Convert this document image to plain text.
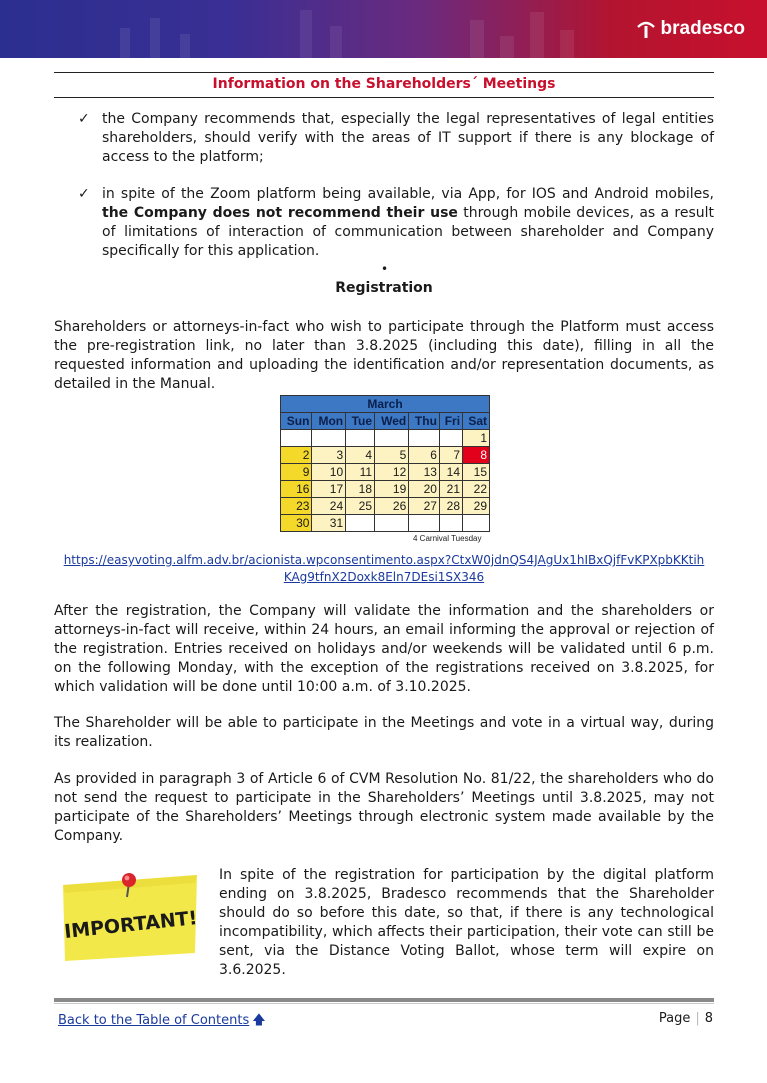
bradesco
Information on the Shareholders´ Meetings
✓ the Company recommends that, especially the legal representatives of legal entities shareholders, should verify with the areas of IT support if there is any blockage of access to the platform;
✓ in spite of the Zoom platform being available, via App, for IOS and Android mobiles, the Company does not recommend their use through mobile devices, as a result of limitations of interaction of communication between shareholder and Company specifically for this application.
•
Registration
Shareholders or attorneys-in-fact who wish to participate through the Platform must access the pre-registration link, no later than 3.8.2025 (including this date), filling in all the requested information and uploading the identification and/or representation documents, as detailed in the Manual.
March						
Sun	Mon	Tue	Wed	Thu	Fri	Sat
						1
2	3	4	5	6	7	8
9	10	11	12	13	14	15
16	17	18	19	20	21	22
23	24	25	26	27	28	29
30	31					
4 Carnival Tuesday
https://easyvoting.alfm.adv.br/acionista.wpconsentimento.aspx?CtxW0jdnQS4JAgUx1hIBxQjfFvKPXpbKKtih
KAg9tfnX2Doxk8Eln7DEsi1SX346
After the registration, the Company will validate the information and the shareholders or attorneys-in-fact will receive, within 24 hours, an email informing the approval or rejection of the registration. Entries received on holidays and/or weekends will be validated until 6 p.m. on the following Monday, with the exception of the registrations received on 3.8.2025, for which validation will be done until 10:00 a.m. of 3.10.2025.
The Shareholder will be able to participate in the Meetings and vote in a virtual way, during its realization.
As provided in paragraph 3 of Article 6 of CVM Resolution No. 81/22, the shareholders who do not send the request to participate in the Shareholders’ Meetings until 3.8.2025, may not participate of the Shareholders’ Meetings through electronic system made available by the Company.
IMPORTANT!
In spite of the registration for participation by the digital platform ending on 3.8.2025, Bradesco recommends that the Shareholder should do so before this date, so that, if there is any technological incompatibility, which affects their participation, their vote can still be sent, via the Distance Voting Ballot, whose term will expire on 3.6.2025.
Back to the Table of Contents 🡅	Page | 8
